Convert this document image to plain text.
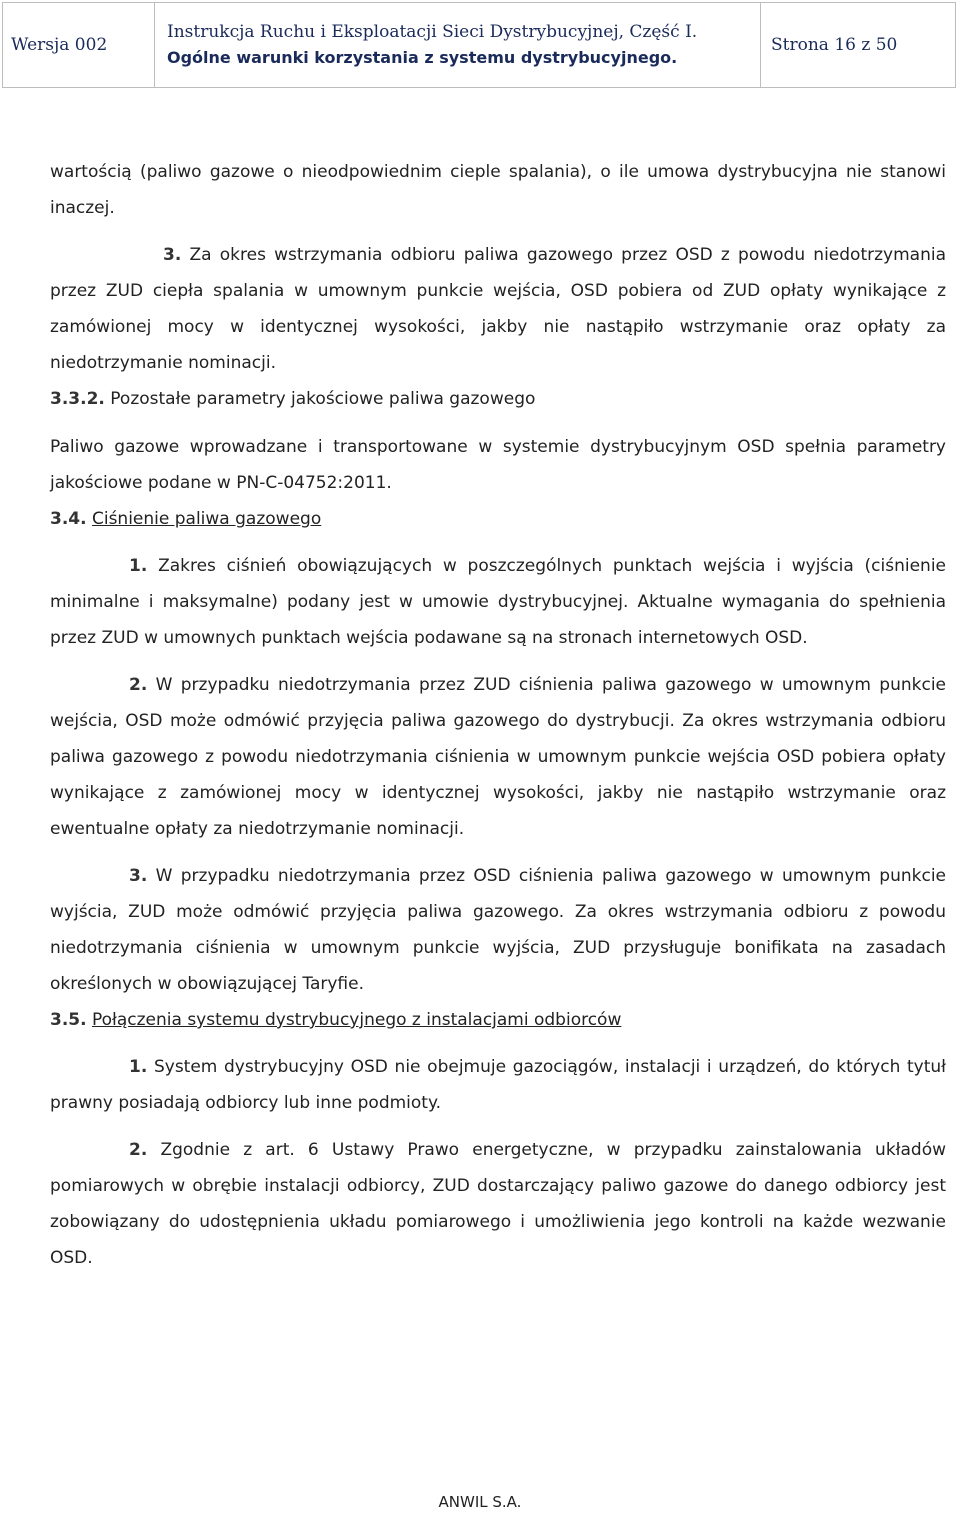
Wersja 002
Instrukcja Ruchu i Eksploatacji Sieci Dystrybucyjnej, Część I.
Ogólne warunki korzystania z systemu dystrybucyjnego.
Strona 16 z 50

wartością (paliwo gazowe o nieodpowiednim cieple spalania), o ile umowa dystrybucyjna nie stanowi inaczej.

3. Za okres wstrzymania odbioru paliwa gazowego przez OSD z powodu niedotrzymania przez ZUD ciepła spalania w umownym punkcie wejścia, OSD pobiera od ZUD opłaty wynikające z zamówionej mocy w identycznej wysokości, jakby nie nastąpiło wstrzymanie oraz opłaty za niedotrzymanie nominacji.

3.3.2. Pozostałe parametry jakościowe paliwa gazowego

Paliwo gazowe wprowadzane i transportowane w systemie dystrybucyjnym OSD spełnia parametry jakościowe podane w PN-C-04752:2011.

3.4. Ciśnienie paliwa gazowego

1. Zakres ciśnień obowiązujących w poszczególnych punktach wejścia i wyjścia (ciśnienie minimalne i maksymalne) podany jest w umowie dystrybucyjnej. Aktualne wymagania do spełnienia przez ZUD w umownych punktach wejścia podawane są na stronach internetowych OSD.

2. W przypadku niedotrzymania przez ZUD ciśnienia paliwa gazowego w umownym punkcie wejścia, OSD może odmówić przyjęcia paliwa gazowego do dystrybucji. Za okres wstrzymania odbioru paliwa gazowego z powodu niedotrzymania ciśnienia w umownym punkcie wejścia OSD pobiera opłaty wynikające z zamówionej mocy w identycznej wysokości, jakby nie nastąpiło wstrzymanie oraz ewentualne opłaty za niedotrzymanie nominacji.

3. W przypadku niedotrzymania przez OSD ciśnienia paliwa gazowego w umownym punkcie wyjścia, ZUD może odmówić przyjęcia paliwa gazowego. Za okres wstrzymania odbioru z powodu niedotrzymania ciśnienia w umownym punkcie wyjścia, ZUD przysługuje bonifikata na zasadach określonych w obowiązującej Taryfie.

3.5. Połączenia systemu dystrybucyjnego z instalacjami odbiorców

1. System dystrybucyjny OSD nie obejmuje gazociągów, instalacji i urządzeń, do których tytuł prawny posiadają odbiorcy lub inne podmioty.

2. Zgodnie z art. 6 Ustawy Prawo energetyczne, w przypadku zainstalowania układów pomiarowych w obrębie instalacji odbiorcy, ZUD dostarczający paliwo gazowe do danego odbiorcy jest zobowiązany do udostępnienia układu pomiarowego i umożliwienia jego kontroli na każde wezwanie OSD.

ANWIL S.A.
